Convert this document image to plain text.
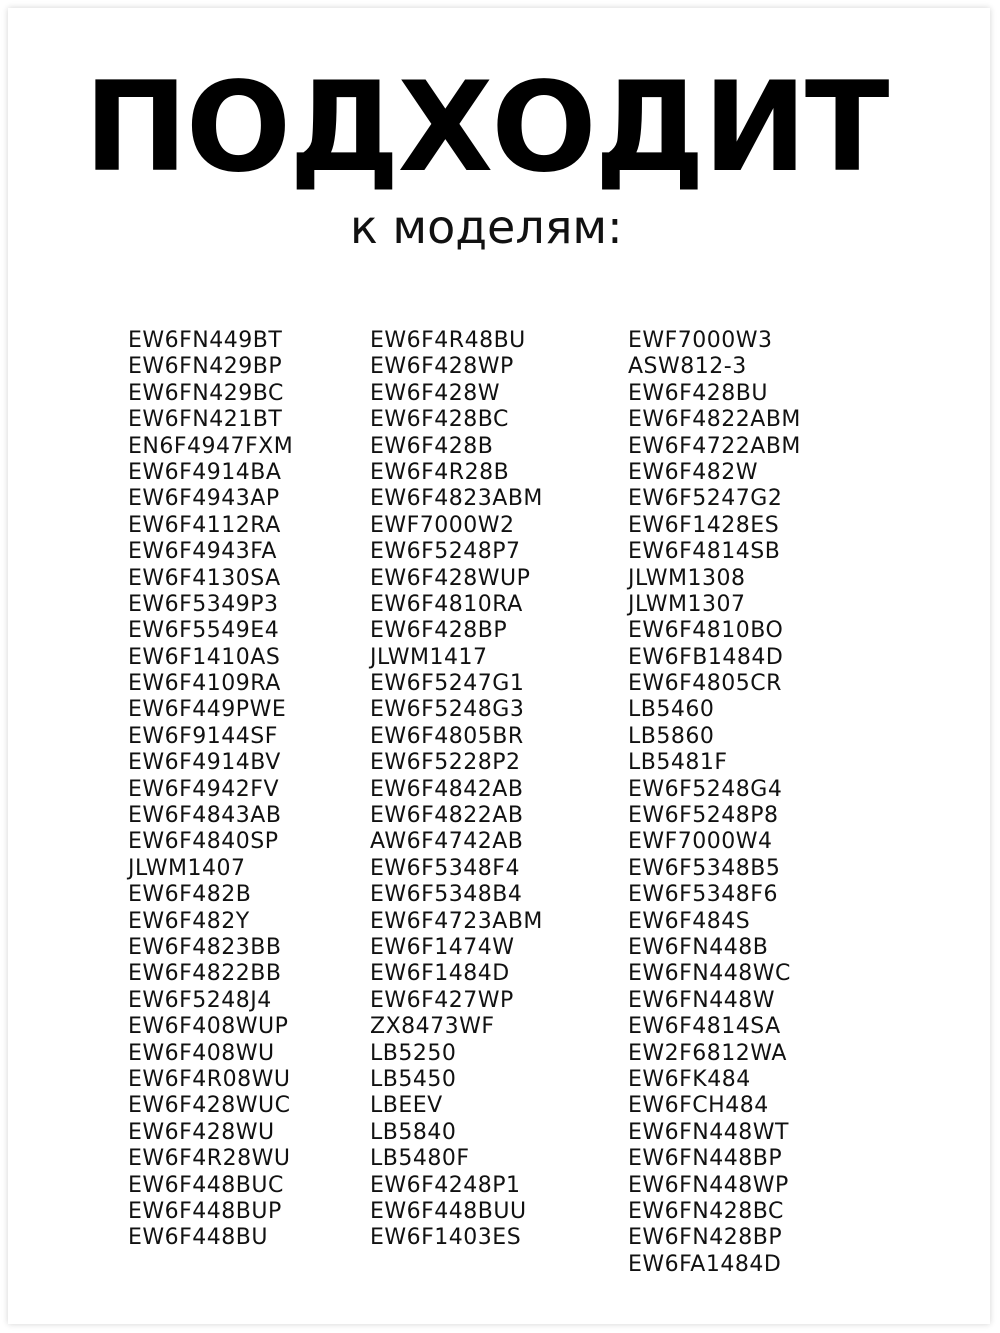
ПОДХОДИТ
к моделям:
EW6FN449BT
EW6FN429BP
EW6FN429BC
EW6FN421BT
EN6F4947FXM
EW6F4914BA
EW6F4943AP
EW6F4112RA
EW6F4943FA
EW6F4130SA
EW6F5349P3
EW6F5549E4
EW6F1410AS
EW6F4109RA
EW6F449PWE
EW6F9144SF
EW6F4914BV
EW6F4942FV
EW6F4843AB
EW6F4840SP
JLWM1407
EW6F482B
EW6F482Y
EW6F4823BB
EW6F4822BB
EW6F5248J4
EW6F408WUP
EW6F408WU
EW6F4R08WU
EW6F428WUC
EW6F428WU
EW6F4R28WU
EW6F448BUC
EW6F448BUP
EW6F448BU
EW6F4R48BU
EW6F428WP
EW6F428W
EW6F428BC
EW6F428B
EW6F4R28B
EW6F4823ABM
EWF7000W2
EW6F5248P7
EW6F428WUP
EW6F4810RA
EW6F428BP
JLWM1417
EW6F5247G1
EW6F5248G3
EW6F4805BR
EW6F5228P2
EW6F4842AB
EW6F4822AB
AW6F4742AB
EW6F5348F4
EW6F5348B4
EW6F4723ABM
EW6F1474W
EW6F1484D
EW6F427WP
ZX8473WF
LB5250
LB5450
LBEEV
LB5840
LB5480F
EW6F4248P1
EW6F448BUU
EW6F1403ES
EWF7000W3
ASW812-3
EW6F428BU
EW6F4822ABM
EW6F4722ABM
EW6F482W
EW6F5247G2
EW6F1428ES
EW6F4814SB
JLWM1308
JLWM1307
EW6F4810BO
EW6FB1484D
EW6F4805CR
LB5460
LB5860
LB5481F
EW6F5248G4
EW6F5248P8
EWF7000W4
EW6F5348B5
EW6F5348F6
EW6F484S
EW6FN448B
EW6FN448WC
EW6FN448W
EW6F4814SA
EW2F6812WA
EW6FK484
EW6FCH484
EW6FN448WT
EW6FN448BP
EW6FN448WP
EW6FN428BC
EW6FN428BP
EW6FA1484D
